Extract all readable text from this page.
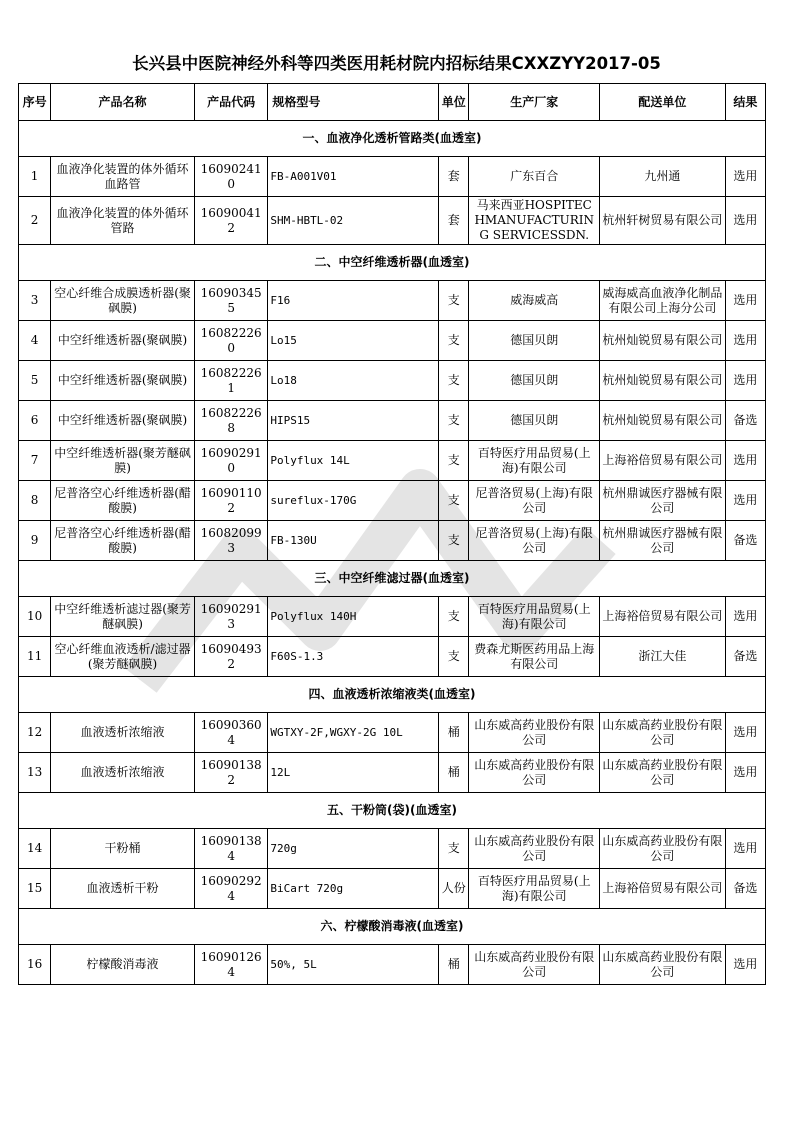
长兴县中医院神经外科等四类医用耗材院内招标结果CXXZYY2017-05
序号	产品名称	产品代码	规格型号	单位	生产厂家	配送单位	结果
一、血液净化透析管路类(血透室)							
1	血液净化装置的体外循环血路管	160902410	FB-A001V01	套	广东百合	九州通	选用
2	血液净化装置的体外循环管路	160900412	SHM-HBTL-02	套	马来西亚HOSPITECHMANUFACTURING SERVICESSDN.	杭州轩树贸易有限公司	选用
二、中空纤维透析器(血透室)							
3	空心纤维合成膜透析器(聚砜膜)	160903455	F16	支	威海威高	威海威高血液净化制品有限公司上海分公司	选用
4	中空纤维透析器(聚砜膜)	160822260	Lo15	支	德国贝朗	杭州灿锐贸易有限公司	选用
5	中空纤维透析器(聚砜膜)	160822261	Lo18	支	德国贝朗	杭州灿锐贸易有限公司	选用
6	中空纤维透析器(聚砜膜)	160822268	HIPS15	支	德国贝朗	杭州灿锐贸易有限公司	备选
7	中空纤维透析器(聚芳醚砜膜)	160902910	Polyflux 14L	支	百特医疗用品贸易(上海)有限公司	上海裕倍贸易有限公司	选用
8	尼普洛空心纤维透析器(醋酸膜)	160901102	sureflux-170G	支	尼普洛贸易(上海)有限公司	杭州鼎诚医疗器械有限公司	选用
9	尼普洛空心纤维透析器(醋酸膜)	160820993	FB-130U	支	尼普洛贸易(上海)有限公司	杭州鼎诚医疗器械有限公司	备选
三、中空纤维滤过器(血透室)							
10	中空纤维透析滤过器(聚芳醚砜膜)	160902913	Polyflux 140H	支	百特医疗用品贸易(上海)有限公司	上海裕倍贸易有限公司	选用
11	空心纤维血液透析/滤过器(聚芳醚砜膜)	160904932	F60S-1.3	支	费森尤斯医药用品上海有限公司	浙江大佳	备选
四、血液透析浓缩液类(血透室)							
12	血液透析浓缩液	160903604	WGTXY-2F,WGXY-2G 10L	桶	山东威高药业股份有限公司	山东威高药业股份有限公司	选用
13	血液透析浓缩液	160901382	12L	桶	山东威高药业股份有限公司	山东威高药业股份有限公司	选用
五、干粉筒(袋)(血透室)							
14	干粉桶	160901384	720g	支	山东威高药业股份有限公司	山东威高药业股份有限公司	选用
15	血液透析干粉	160902924	BiCart 720g	人份	百特医疗用品贸易(上海)有限公司	上海裕倍贸易有限公司	备选
六、柠檬酸消毒液(血透室)							
16	柠檬酸消毒液	160901264	50%, 5L	桶	山东威高药业股份有限公司	山东威高药业股份有限公司	选用
